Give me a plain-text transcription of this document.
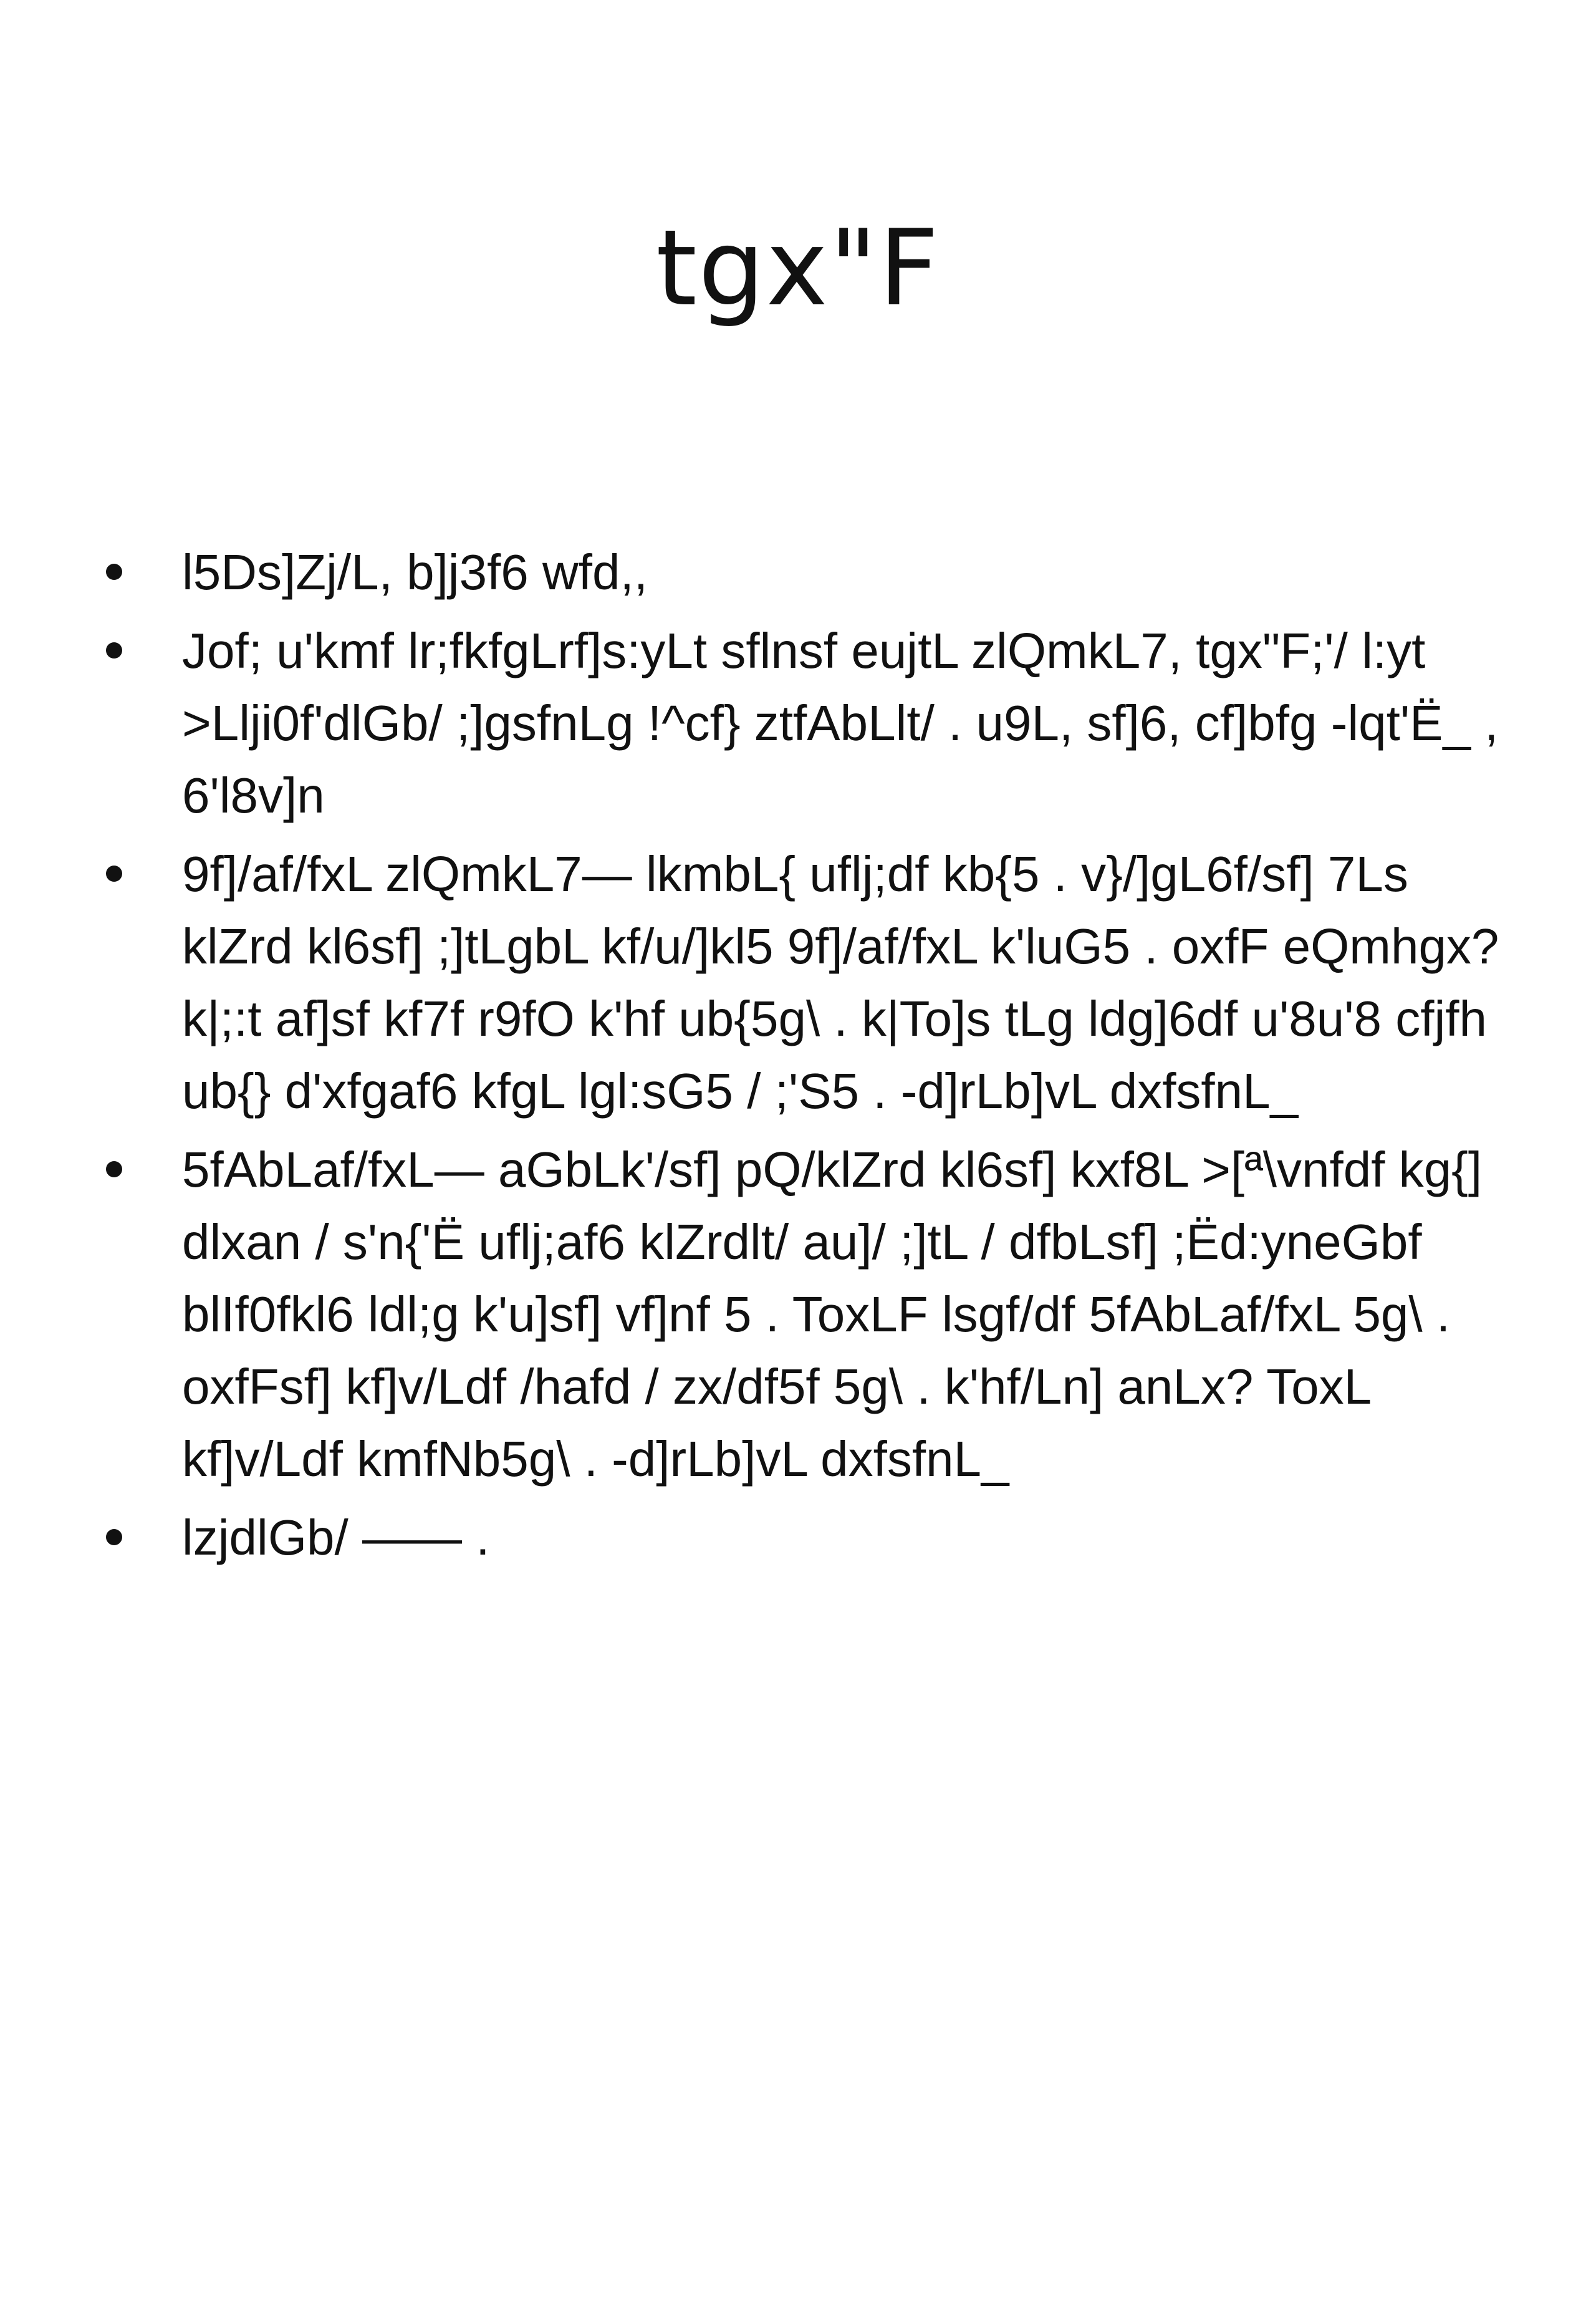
tgx"F
l5Ds]Zj/L, b]j3f6 wfd,,
Jof; u'kmf lr;fkfgLrf]s:yLt sflnsf eujtL zlQmkL7, tgx"F;'/ l:yt >Llji0f'dlGb/ ;]gsfnLg !^cf} ztfAbLlt/ . u9L, sf]6, cf]bfg -lqt'Ë_ , 6'l8v]n
9f]/af/fxL zlQmkL7— lkmbL{ uflj;df kb{5 . v}/]gL6f/sf] 7Ls klZrd kl6sf] ;]tLgbL kf/u/]kl5 9f]/af/fxL k'luG5 . oxfF eQmhgx? k|;:t af]sf kf7f r9fO k'hf ub{5g\ . k|To]s tLg ldg]6df u'8u'8 cfjfh ub{} d'xfgaf6 kfgL lgl:sG5 / ;'S5 . -d]rLb]vL dxfsfnL_
5fAbLaf/fxL— aGbLk'/sf] pQ/klZrd kl6sf] kxf8L >[ª\vnfdf kg{] dlxan / s'n{'Ë uflj;af6 klZrdlt/ au]/ ;]tL / dfbLsf] ;Ëd:yneGbf blIf0fkl6 ldl;g k'u]sf] vf]nf 5 . ToxLF lsgf/df 5fAbLaf/fxL 5g\ . oxfFsf] kf]v/Ldf /hafd / zx/df5f 5g\ . k'hf/Ln] anLx? ToxL kf]v/Ldf kmfNb5g\ . -d]rLb]vL dxfsfnL_
lzjdlGb/ —— .
